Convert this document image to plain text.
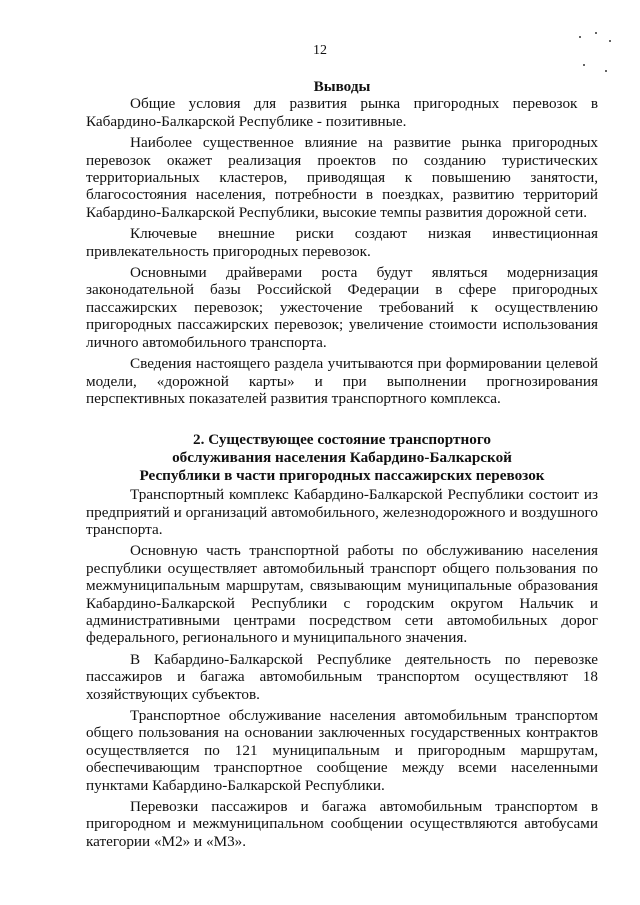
12
Выводы

Общие условия для развития рынка пригородных перевозок в Кабардино-Балкарской Республике - позитивные.

Наиболее существенное влияние на развитие рынка пригородных перевозок окажет реализация проектов по созданию туристических территориальных кластеров, приводящая к повышению занятости, благосостояния населения, потребности в поездках, развитию территорий Кабардино-Балкарской Республики, высокие темпы развития дорожной сети.

Ключевые внешние риски создают низкая инвестиционная привлекательность пригородных перевозок.

Основными драйверами роста будут являться модернизация законодательной базы Российской Федерации в сфере пригородных пассажирских перевозок; ужесточение требований к осуществлению пригородных пассажирских перевозок; увеличение стоимости использования личного автомобильного транспорта.

Сведения настоящего раздела учитываются при формировании целевой модели, «дорожной карты» и при выполнении прогнозирования перспективных показателей развития транспортного комплекса.

2. Существующее состояние транспортного
обслуживания населения Кабардино-Балкарской
Республики в части пригородных пассажирских перевозок

Транспортный комплекс Кабардино-Балкарской Республики состоит из предприятий и организаций автомобильного, железнодорожного и воздушного транспорта.

Основную часть транспортной работы по обслуживанию населения республики осуществляет автомобильный транспорт общего пользования по межмуниципальным маршрутам, связывающим муниципальные образования Кабардино-Балкарской Республики с городским округом Нальчик и административными центрами посредством сети автомобильных дорог федерального, регионального и муниципального значения.

В Кабардино-Балкарской Республике деятельность по перевозке пассажиров и багажа автомобильным транспортом осуществляют 18 хозяйствующих субъектов.

Транспортное обслуживание населения автомобильным транспортом общего пользования на основании заключенных государственных контрактов осуществляется по 121 муниципальным и пригородным маршрутам, обеспечивающим транспортное сообщение между всеми населенными пунктами Кабардино-Балкарской Республики.

Перевозки пассажиров и багажа автомобильным транспортом в пригородном и межмуниципальном сообщении осуществляются автобусами категории «М2» и «М3».
